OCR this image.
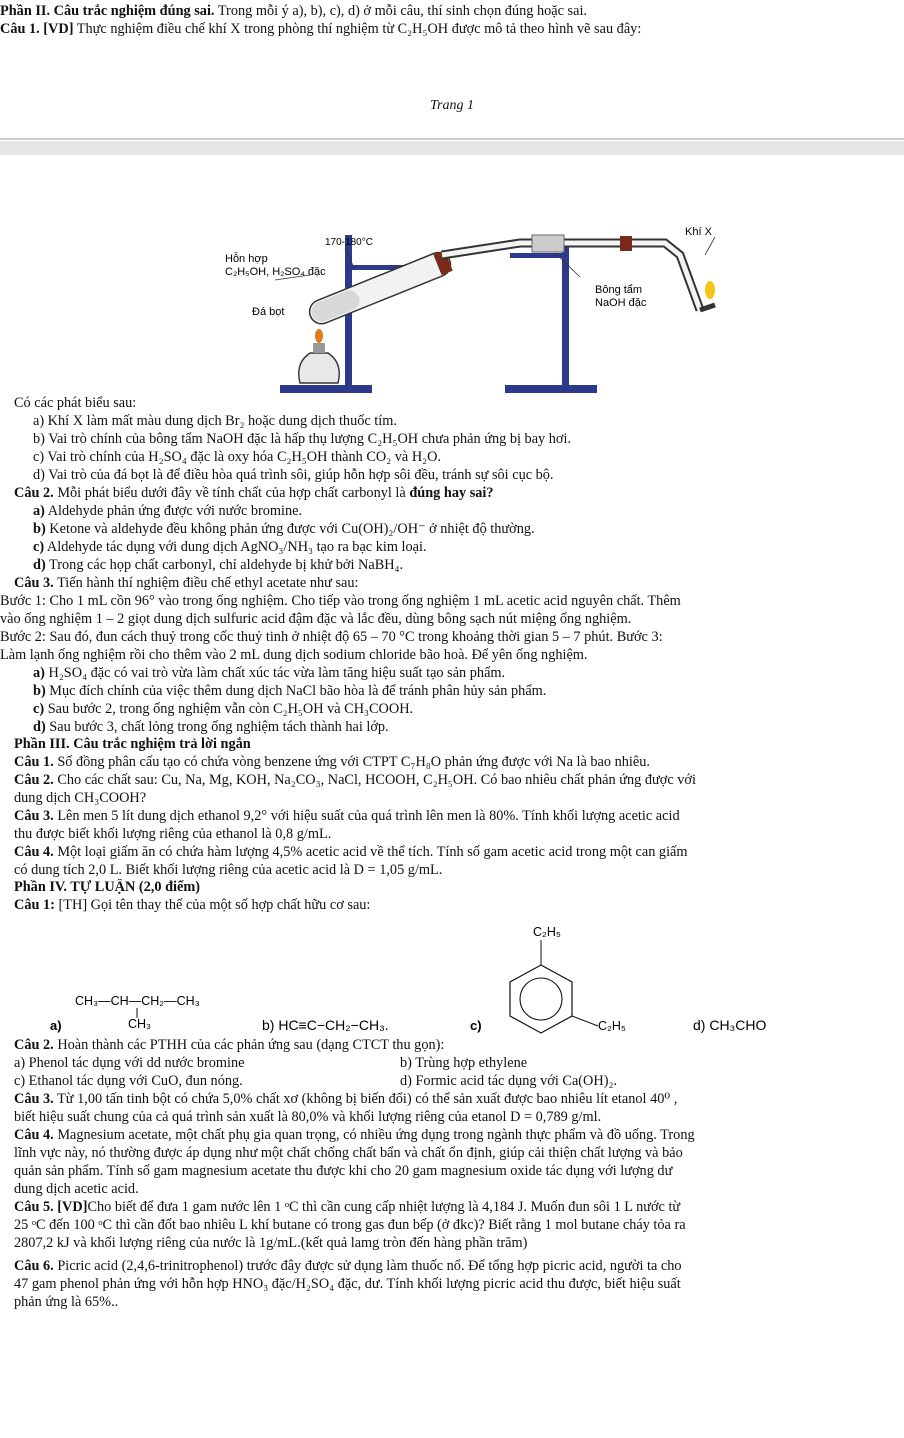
Phần II. Câu trắc nghiệm đúng sai. Trong mỗi ý a), b), c), d) ở mỗi câu, thí sinh chọn đúng hoặc sai.
Câu 1. [VD] Thực nghiệm điều chế khí X trong phòng thí nghiệm từ C₂H₅OH được mô tả theo hình vẽ sau đây:
Trang 1
170-180°C
Hỗn hợp
C₂H₅OH, H₂SO₄ đặc
Đá bọt
Khí X
Bông tẩm
NaOH đặc
Có các phát biểu sau:
a) Khí X làm mất màu dung dịch Br₂ hoặc dung dịch thuốc tím.
b) Vai trò chính của bông tẩm NaOH đặc là hấp thụ lượng C₂H₅OH chưa phản ứng bị bay hơi.
c) Vai trò chính của H₂SO₄ đặc là oxy hóa C₂H₅OH thành CO₂ và H₂O.
d) Vai trò của đá bọt là để điều hòa quá trình sôi, giúp hỗn hợp sôi đều, tránh sự sôi cục bộ.
Câu 2. Mỗi phát biểu dưới đây về tính chất của hợp chất carbonyl là đúng hay sai?
a) Aldehyde phản ứng được với nước bromine.
b) Ketone và aldehyde đều không phản ứng được với Cu(OH)₂/OH⁻ ở nhiệt độ thường.
c) Aldehyde tác dụng với dung dịch AgNO₃/NH₃ tạo ra bạc kim loại.
d) Trong các họp chất carbonyl, chỉ aldehyde bị khử bởi NaBH₄.
Câu 3. Tiến hành thí nghiệm điều chế ethyl acetate như sau:
Bước 1: Cho 1 mL cồn 96° vào trong ống nghiệm. Cho tiếp vào trong ống nghiệm 1 mL acetic acid nguyên chất. Thêm
vào ống nghiệm 1 – 2 giọt dung dịch sulfuric acid đậm đặc và lắc đều, dùng bông sạch nút miệng ống nghiệm.
Bước 2: Sau đó, đun cách thuỷ trong cốc thuỷ tinh ở nhiệt độ 65 – 70 °C trong khoảng thời gian 5 – 7 phút. Bước 3:
Làm lạnh ống nghiệm rồi cho thêm vào 2 mL dung dịch sodium chloride bão hoà. Để yên ống nghiệm.
a) H₂SO₄ đặc có vai trò vừa làm chất xúc tác vừa làm tăng hiệu suất tạo sản phẩm.
b) Mục đích chính của việc thêm dung dịch NaCl bão hòa là để tránh phân hủy sản phẩm.
c) Sau bước 2, trong ống nghiệm vẫn còn C₂H₅OH và CH₃COOH.
d) Sau bước 3, chất lỏng trong ống nghiệm tách thành hai lớp.
Phần III. Câu trắc nghiệm trả lời ngắn
Câu 1. Số đồng phân cấu tạo có chứa vòng benzene ứng với CTPT C₇H₈O phản ứng được với Na là bao nhiêu.
Câu 2. Cho các chất sau: Cu, Na, Mg, KOH, Na₂CO₃, NaCl, HCOOH, C₂H₅OH. Có bao nhiêu chất phản ứng được với
dung dịch CH₃COOH?
Câu 3. Lên men 5 lít dung dịch ethanol 9,2° với hiệu suất của quá trình lên men là 80%. Tính khối lượng acetic acid
thu được biết khối lượng riêng của ethanol là 0,8 g/mL.
Câu 4. Một loại giấm ăn có chứa hàm lượng 4,5% acetic acid về thể tích. Tính số gam acetic acid trong một can giấm
có dung tích 2,0 L. Biết khối lượng riêng của acetic acid là D = 1,05 g/mL.
Phần IV. TỰ LUẬN (2,0 điểm)
Câu 1: [TH] Gọi tên thay thế của một số hợp chất hữu cơ sau:
a)
CH₃—CH—CH₂—CH₃
CH₃	b) HC≡C−CH₂−CH₃.	c)
C₂H₅
C₂H₅	d) CH₃CHO
Câu 2. Hoàn thành các PTHH của các phản ứng sau (dạng CTCT thu gọn):
a) Phenol tác dụng với dd nước bromine	b) Trùng hợp ethylene
c) Ethanol tác dụng với CuO, đun nóng.	d) Formic acid tác dụng với Ca(OH)₂.
Câu 3. Từ 1,00 tấn tinh bột có chứa 5,0% chất xơ (không bị biến đổi) có thể sản xuất được bao nhiêu lít etanol 40⁰ ,
biết hiệu suất chung của cả quá trình sản xuất là 80,0% và khối lượng riêng của etanol D = 0,789 g/ml.
Câu 4. Magnesium acetate, một chất phụ gia quan trọng, có nhiều ứng dụng trong ngành thực phẩm và đồ uống. Trong
lĩnh vực này, nó thường được áp dụng như một chất chống chất bẩn và chất ổn định, giúp cải thiện chất lượng và bảo
quản sản phẩm. Tính số gam magnesium acetate thu được khi cho 20 gam magnesium oxide tác dụng với lượng dư
dung dịch acetic acid.
Câu 5. [VD]Cho biết để đưa 1 gam nước lên 1 ᵒC thì cần cung cấp nhiệt lượng là 4,184 J. Muốn đun sôi 1 L nước từ
25 ᵒC đến 100 ᵒC thì cần đốt bao nhiêu L khí butane có trong gas đun bếp (ở đkc)? Biết rằng 1 mol butane cháy tỏa ra
2807,2 kJ và khối lượng riêng của nước là 1g/mL.(kết quả lamg tròn đến hàng phần trăm)
Câu 6. Picric acid (2,4,6-trinitrophenol) trước đây được sử dụng làm thuốc nổ. Để tổng hợp picric acid, người ta cho
47 gam phenol phản ứng với hỗn hợp HNO₃ đặc/H₂SO₄ đặc, dư. Tính khối lượng picric acid thu được, biết hiệu suất
phản ứng là 65%..
